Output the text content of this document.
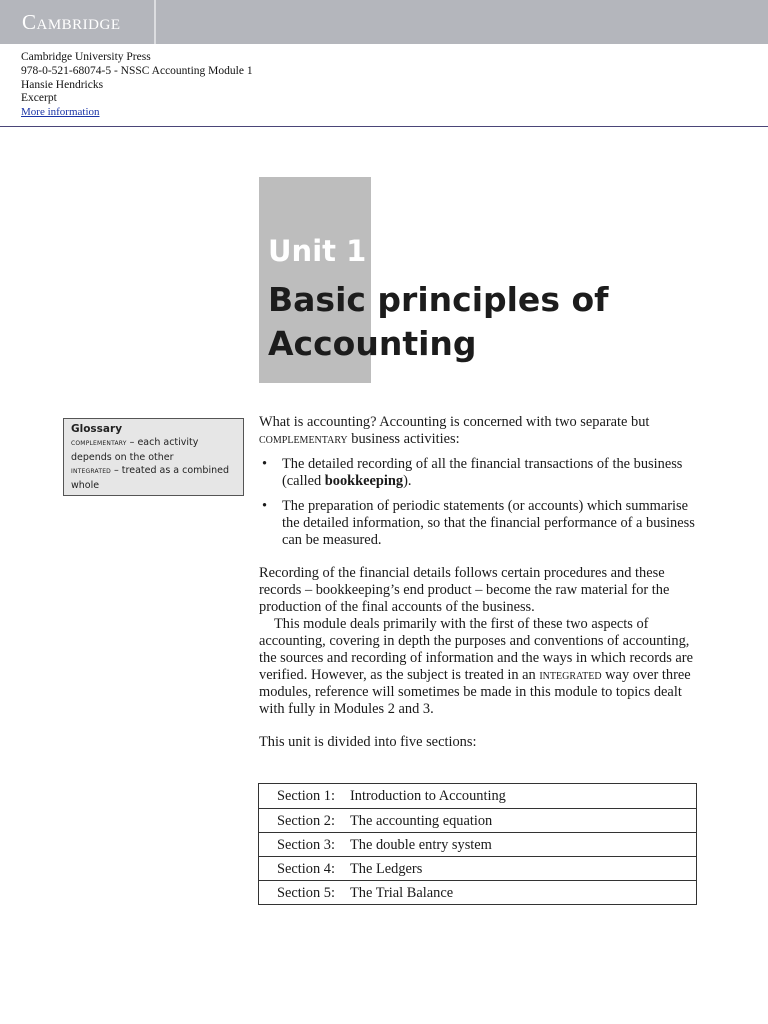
Cambridge
Cambridge University Press
978-0-521-68074-5 - NSSC Accounting Module 1
Hansie Hendricks
Excerpt
More information
Unit 1
Basic principles of Accounting
Glossary
complementary – each activity depends on the other
integrated – treated as a combined whole

What is accounting? Accounting is concerned with two separate but complementary business activities:

• The detailed recording of all the financial transactions of the business (called bookkeeping).
• The preparation of periodic statements (or accounts) which summarise the detailed information, so that the financial performance of a business can be measured.

Recording of the financial details follows certain procedures and these records – bookkeeping’s end product – become the raw material for the production of the final accounts of the business.

This module deals primarily with the first of these two aspects of accounting, covering in depth the purposes and conventions of accounting, the sources and recording of information and the ways in which records are verified. However, as the subject is treated in an integrated way over three modules, reference will sometimes be made in this module to topics dealt with fully in Modules 2 and 3.

This unit is divided into five sections:

Section 1: Introduction to Accounting
Section 2: The accounting equation
Section 3: The double entry system
Section 4: The Ledgers
Section 5: The Trial Balance
